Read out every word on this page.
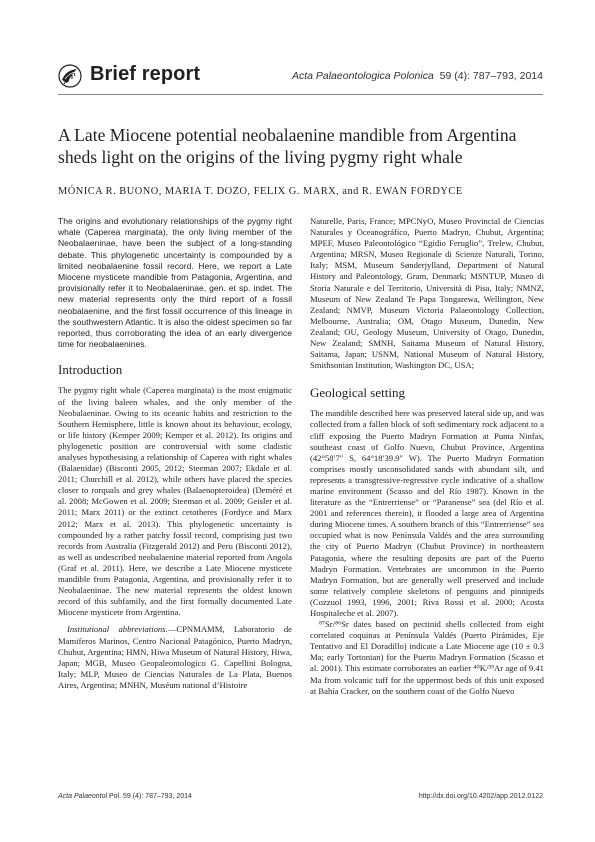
Brief report	Acta Palaeontologica Polonica 59 (4): 787–793, 2014
A Late Miocene potential neobalaenine mandible from Argentina sheds light on the origins of the living pygmy right whale
MÓNICA R. BUONO, MARIA T. DOZO, FELIX G. MARX, and R. EWAN FORDYCE

The origins and evolutionary relationships of the pygmy right whale (Caperea marginata), the only living member of the Neobalaeninae, have been the subject of a long-standing debate. This phylogenetic uncertainty is compounded by a limited neobalaenine fossil record. Here, we report a Late Miocene mysticete mandible from Patagonia, Argentina, and provisionally refer it to Neobalaeninae, gen. et sp. indet. The new material represents only the third report of a fossil neobalaenine, and the first fossil occurrence of this lineage in the southwestern Atlantic. It is also the oldest specimen so far reported, thus corroborating the idea of an early divergence time for neobalaenines.

Introduction

The pygmy right whale (Caperea marginata) is the most enigmatic of the living baleen whales, and the only member of the Neobalaeninae. Owing to its oceanic habits and restriction to the Southern Hemisphere, little is known about its behaviour, ecology, or life history (Kemper 2009; Kemper et al. 2012). Its origins and phylogenetic position are controversial with some cladistic analyses hypothesising a relationship of Caperea with right whales (Balaenidae) (Bisconti 2005, 2012; Steeman 2007; Ekdale et al. 2011; Churchill et al. 2012), while others have placed the species closer to rorquals and grey whales (Balaenopteroidea) (Deméré et al. 2008; McGowen et al. 2009; Steeman et al. 2009; Geisler et al. 2011; Marx 2011) or the extinct cetotheres (Fordyce and Marx 2012; Marx et al. 2013). This phylogenetic uncertainty is compounded by a rather patchy fossil record, comprising just two records from Australia (Fitzgerald 2012) and Peru (Bisconti 2012), as well as undescribed neobalaenine material reported from Angola (Graf et al. 2011). Here, we describe a Late Miocene mysticete mandible from Patagonia, Argentina, and provisionally refer it to Neobalaeninae. The new material represents the oldest known record of this subfamily, and the first formally documented Late Miocene mysticete from Argentina.

Institutional abbreviations.—CPNMAMM, Laboratorio de Mamiferos Marinos, Centro Nacional Patagónico, Puerto Madryn, Chubut, Argentina; HMN, Hiwa Museum of Natural History, Hiwa, Japan; MGB, Museo Geopaleontologico G. Capellini Bologna, Italy; MLP, Museo de Ciencias Naturales de La Plata, Buenos Aires, Argentina; MNHN, Muséum national d’Histoire

Naturelle, Paris, France; MPCNyO, Museo Provincial de Ciencias Naturales y Oceanográfico, Puerto Madryn, Chubut, Argentina; MPEF, Museo Paleontológico “Egidio Feruglio”, Trelew, Chubut, Argentina; MRSN, Museo Regionale di Scienze Naturali, Torino, Italy; MSM, Museum Sønderjylland, Department of Natural History and Paleontology, Gram, Denmark; MSNTUP, Museo di Storia Naturale e del Territorio, Università di Pisa, Italy; NMNZ, Museum of New Zealand Te Papa Tongarewa, Wellington, New Zealand; NMVP, Museum Victoria Palaeontology Collection, Melbourne, Australia; OM, Otago Museum, Dunedin, New Zealand; OU, Geology Museum, University of Otago, Dunedin, New Zealand; SMNH, Saitama Museum of Natural History, Saitama, Japan; USNM, National Museum of Natural History, Smithsonian Institution, Washington DC, USA;

Geological setting

The mandible described here was preserved lateral side up, and was collected from a fallen block of soft sedimentary rock adjacent to a cliff exposing the Puerto Madryn Formation at Punta Ninfas, southeast coast of Golfo Nuevo, Chubut Province, Argentina (42°58′7″ S, 64°18′39.9″ W). The Puerto Madryn Formation comprises mostly unconsolidated sands with abundant silt, and represents a transgressive-regressive cycle indicative of a shallow marine environment (Scasso and del Río 1987). Known in the literature as the “Entrerriense” or “Paranense” sea (del Río et al. 2001 and references therein), it flooded a large area of Argentina during Miocene times. A southern branch of this “Entrerriense” sea occupied what is now Península Valdés and the area surrounding the city of Puerto Madryn (Chubut Province) in northeastern Patagonia, where the resulting deposits are part of the Puerto Madryn Formation. Vertebrates are uncommon in the Puerto Madryn Formation, but are generally well preserved and include some relatively complete skeletons of penguins and pinnipeds (Cozzuol 1993, 1996, 2001; Riva Rossi et al. 2000; Acosta Hospitaleche et al. 2007).

⁸⁷Sr/⁸⁶Sr dates based on pectinid shells collected from eight correlated coquinas at Península Valdés (Puerto Pirámides, Eje Tentativo and El Doradillo) indicate a Late Miocene age (10 ± 0.3 Ma; early Tortonian) for the Puerto Madryn Formation (Scasso et al. 2001). This estimate corroborates an earlier ⁴⁰K/³⁹Ar age of 9.41 Ma from volcanic tuff for the uppermost beds of this unit exposed at Bahía Cracker, on the southern coast of the Golfo Nuevo

Acta Palaeontol Pol. 59 (4): 787–793, 2014	http://dx.doi.org/10.4202/app.2012.0122
